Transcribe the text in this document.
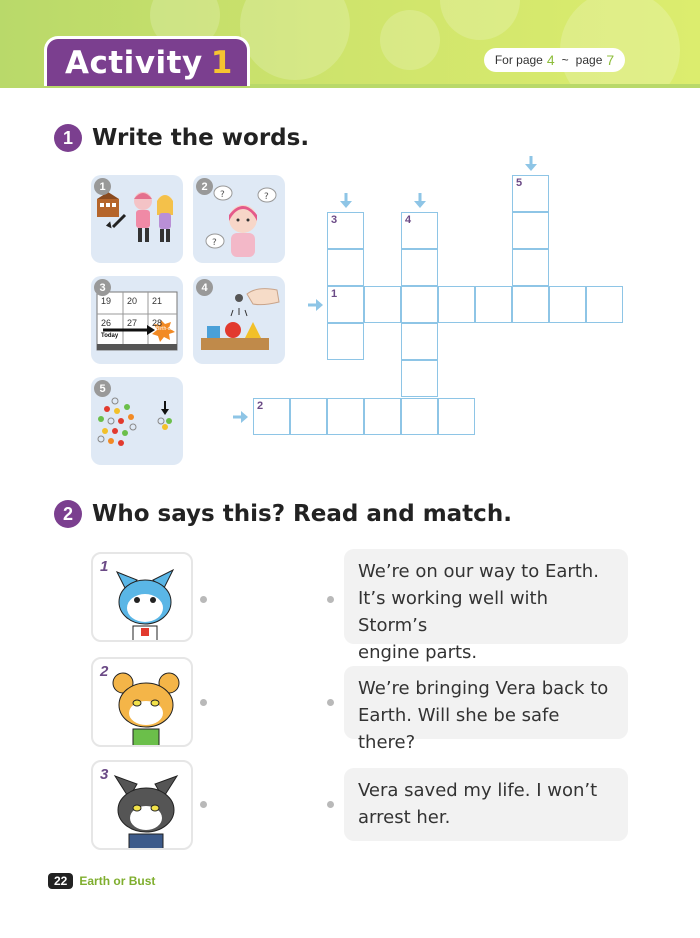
Activity 1	For page 4 ~ page 7
1 Write the words.
1
?	?
?
2
3
19 20 21
26 27 28
Today
Birth-day
4
5
3	4
5
1
2
2 Who says this? Read and match.
1
2
3
We’re on our way to Earth.
It’s working well with Storm’s
engine parts.
We’re bringing Vera back to
Earth. Will she be safe there?
Vera saved my life. I won’t
arrest her.
22	Earth or Bust
